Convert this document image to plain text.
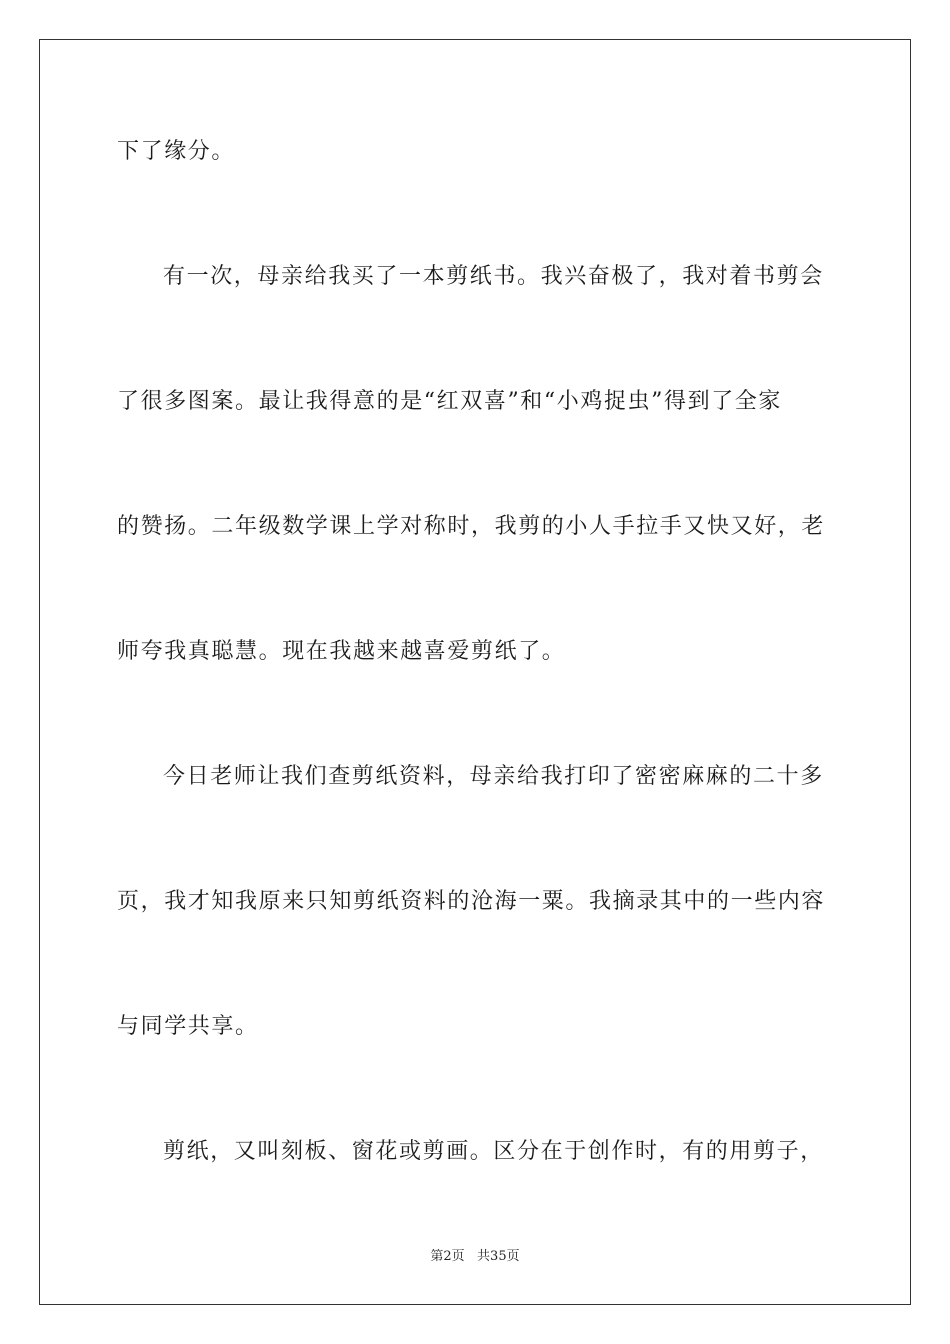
下了缘分。
有一次，母亲给我买了一本剪纸书。我兴奋极了，我对着书剪会
了很多图案。最让我得意的是“红双喜”和“小鸡捉虫”得到了全家
的赞扬。二年级数学课上学对称时，我剪的小人手拉手又快又好，老
师夸我真聪慧。现在我越来越喜爱剪纸了。
今日老师让我们查剪纸资料，母亲给我打印了密密麻麻的二十多
页，我才知我原来只知剪纸资料的沧海一粟。我摘录其中的一些内容
与同学共享。
剪纸，又叫刻板、窗花或剪画。区分在于创作时，有的用剪子，
第2页   共35页
